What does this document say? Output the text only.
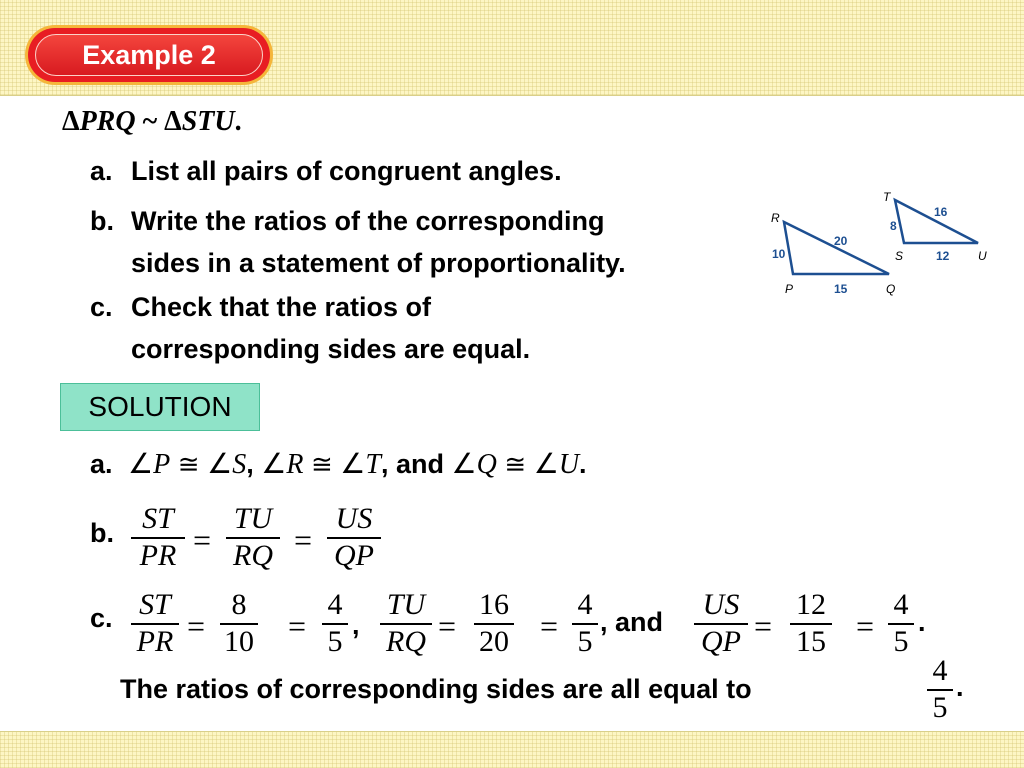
Example 2
ΔPRQ ~ ΔSTU.
a. List all pairs of congruent angles.
b. Write the ratios of the corresponding
sides in a statement of proportionality.
c. Check that the ratios of
corresponding sides are equal.
R
P	Q
10
15
20
T
S	U
8
12
16
SOLUTION
a. ∠P ≅ ∠S, ∠R ≅ ∠T, and ∠Q ≅ ∠U.
b. ST
PR =
TU
RQ =
US
QP
c. ST
PR =
8
10 =
4
5 ,
TU
RQ =
16
20 =
4
5
, and
US
QP =
12
15 =
4
5
.
The ratios of corresponding sides are all equal to
4
5
.
